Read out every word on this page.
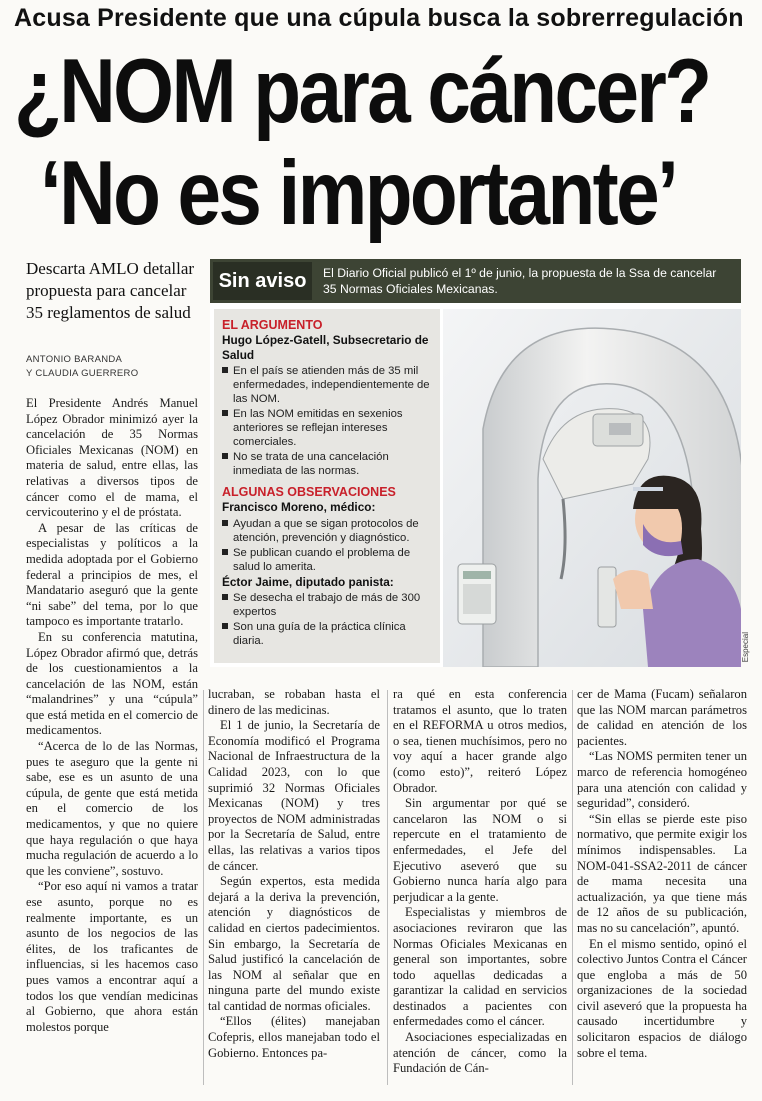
Acusa Presidente que una cúpula busca la sobrerregulación
¿NOM para cáncer?
‘No es importante’
Descarta AMLO detallar propuesta para cancelar 35 reglamentos de salud
ANTONIO BARANDA
Y CLAUDIA GUERRERO
Sin aviso	El Diario Oficial publicó el 1º de junio, la propuesta de la Ssa de cancelar 35 Normas Oficiales Mexicanas.
EL ARGUMENTO
Hugo López-Gatell, Subsecretario de Salud
En el país se atienden más de 35 mil enfermedades, independientemente de las NOM.
En las NOM emitidas en sexenios anteriores se reflejan intereses comerciales.
No se trata de una cancelación inmediata de las normas.
ALGUNAS OBSERVACIONES
Francisco Moreno, médico:
Ayudan a que se sigan protocolos de atención, prevención y diagnóstico.
Se publican cuando el problema de salud lo amerita.
Éctor Jaime, diputado panista:
Se desecha el trabajo de más de 300 expertos
Son una guía de la práctica clínica diaria.	Especial

El Presidente Andrés Manuel López Obrador minimizó ayer la cancelación de 35 Normas Oficiales Mexicanas (NOM) en materia de salud, entre ellas, las relativas a diversos tipos de cáncer como el de mama, el cervicouterino y el de próstata.

A pesar de las críticas de especialistas y políticos a la medida adoptada por el Gobierno federal a principios de mes, el Mandatario aseguró que la gente “ni sabe” del tema, por lo que tampoco es importante tratarlo.

En su conferencia matutina, López Obrador afirmó que, detrás de los cuestionamientos a la cancelación de las NOM, están “malandrines” y una “cúpula” que está metida en el comercio de medicamentos.

“Acerca de lo de las Normas, pues te aseguro que la gente ni sabe, ese es un asunto de una cúpula, de gente que está metida en el comercio de los medicamentos, y que no quiere que haya regulación o que haya mucha regulación de acuerdo a lo que les conviene”, sostuvo.

“Por eso aquí ni vamos a tratar ese asunto, porque no es realmente importante, es un asunto de los negocios de las élites, de los traficantes de influencias, si les hacemos caso pues vamos a encontrar aquí a todos los que vendían medicinas al Gobierno, que ahora están molestos porque

lucraban, se robaban hasta el dinero de las medicinas.

El 1 de junio, la Secretaría de Economía modificó el Programa Nacional de Infraestructura de la Calidad 2023, con lo que suprimió 32 Normas Oficiales Mexicanas (NOM) y tres proyectos de NOM administradas por la Secretaría de Salud, entre ellas, las relativas a varios tipos de cáncer.

Según expertos, esta medida dejará a la deriva la prevención, atención y diagnósticos de calidad en ciertos padecimientos. Sin embargo, la Secretaría de Salud justificó la cancelación de las NOM al señalar que en ninguna parte del mundo existe tal cantidad de normas oficiales.

“Ellos (élites) manejaban Cofepris, ellos manejaban todo el Gobierno. Entonces pa-

ra qué en esta conferencia tratamos el asunto, que lo traten en el REFORMA u otros medios, o sea, tienen muchísimos, pero no voy aquí a hacer grande algo (como esto)”, reiteró López Obrador.

Sin argumentar por qué se cancelaron las NOM o si repercute en el tratamiento de enfermedades, el Jefe del Ejecutivo aseveró que su Gobierno nunca haría algo para perjudicar a la gente.

Especialistas y miembros de asociaciones reviraron que las Normas Oficiales Mexicanas en general son importantes, sobre todo aquellas dedicadas a garantizar la calidad en servicios destinados a pacientes con enfermedades como el cáncer.

Asociaciones especializadas en atención de cáncer, como la Fundación de Cán-

cer de Mama (Fucam) señalaron que las NOM marcan parámetros de calidad en atención de los pacientes.

“Las NOMS permiten tener un marco de referencia homogéneo para una atención con calidad y seguridad”, consideró.

“Sin ellas se pierde este piso normativo, que permite exigir los mínimos indispensables. La NOM-041-SSA2-2011 de cáncer de mama necesita una actualización, ya que tiene más de 12 años de su publicación, mas no su cancelación”, apuntó.

En el mismo sentido, opinó el colectivo Juntos Contra el Cáncer que engloba a más de 50 organizaciones de la sociedad civil aseveró que la propuesta ha causado incertidumbre y solicitaron espacios de diálogo sobre el tema.
